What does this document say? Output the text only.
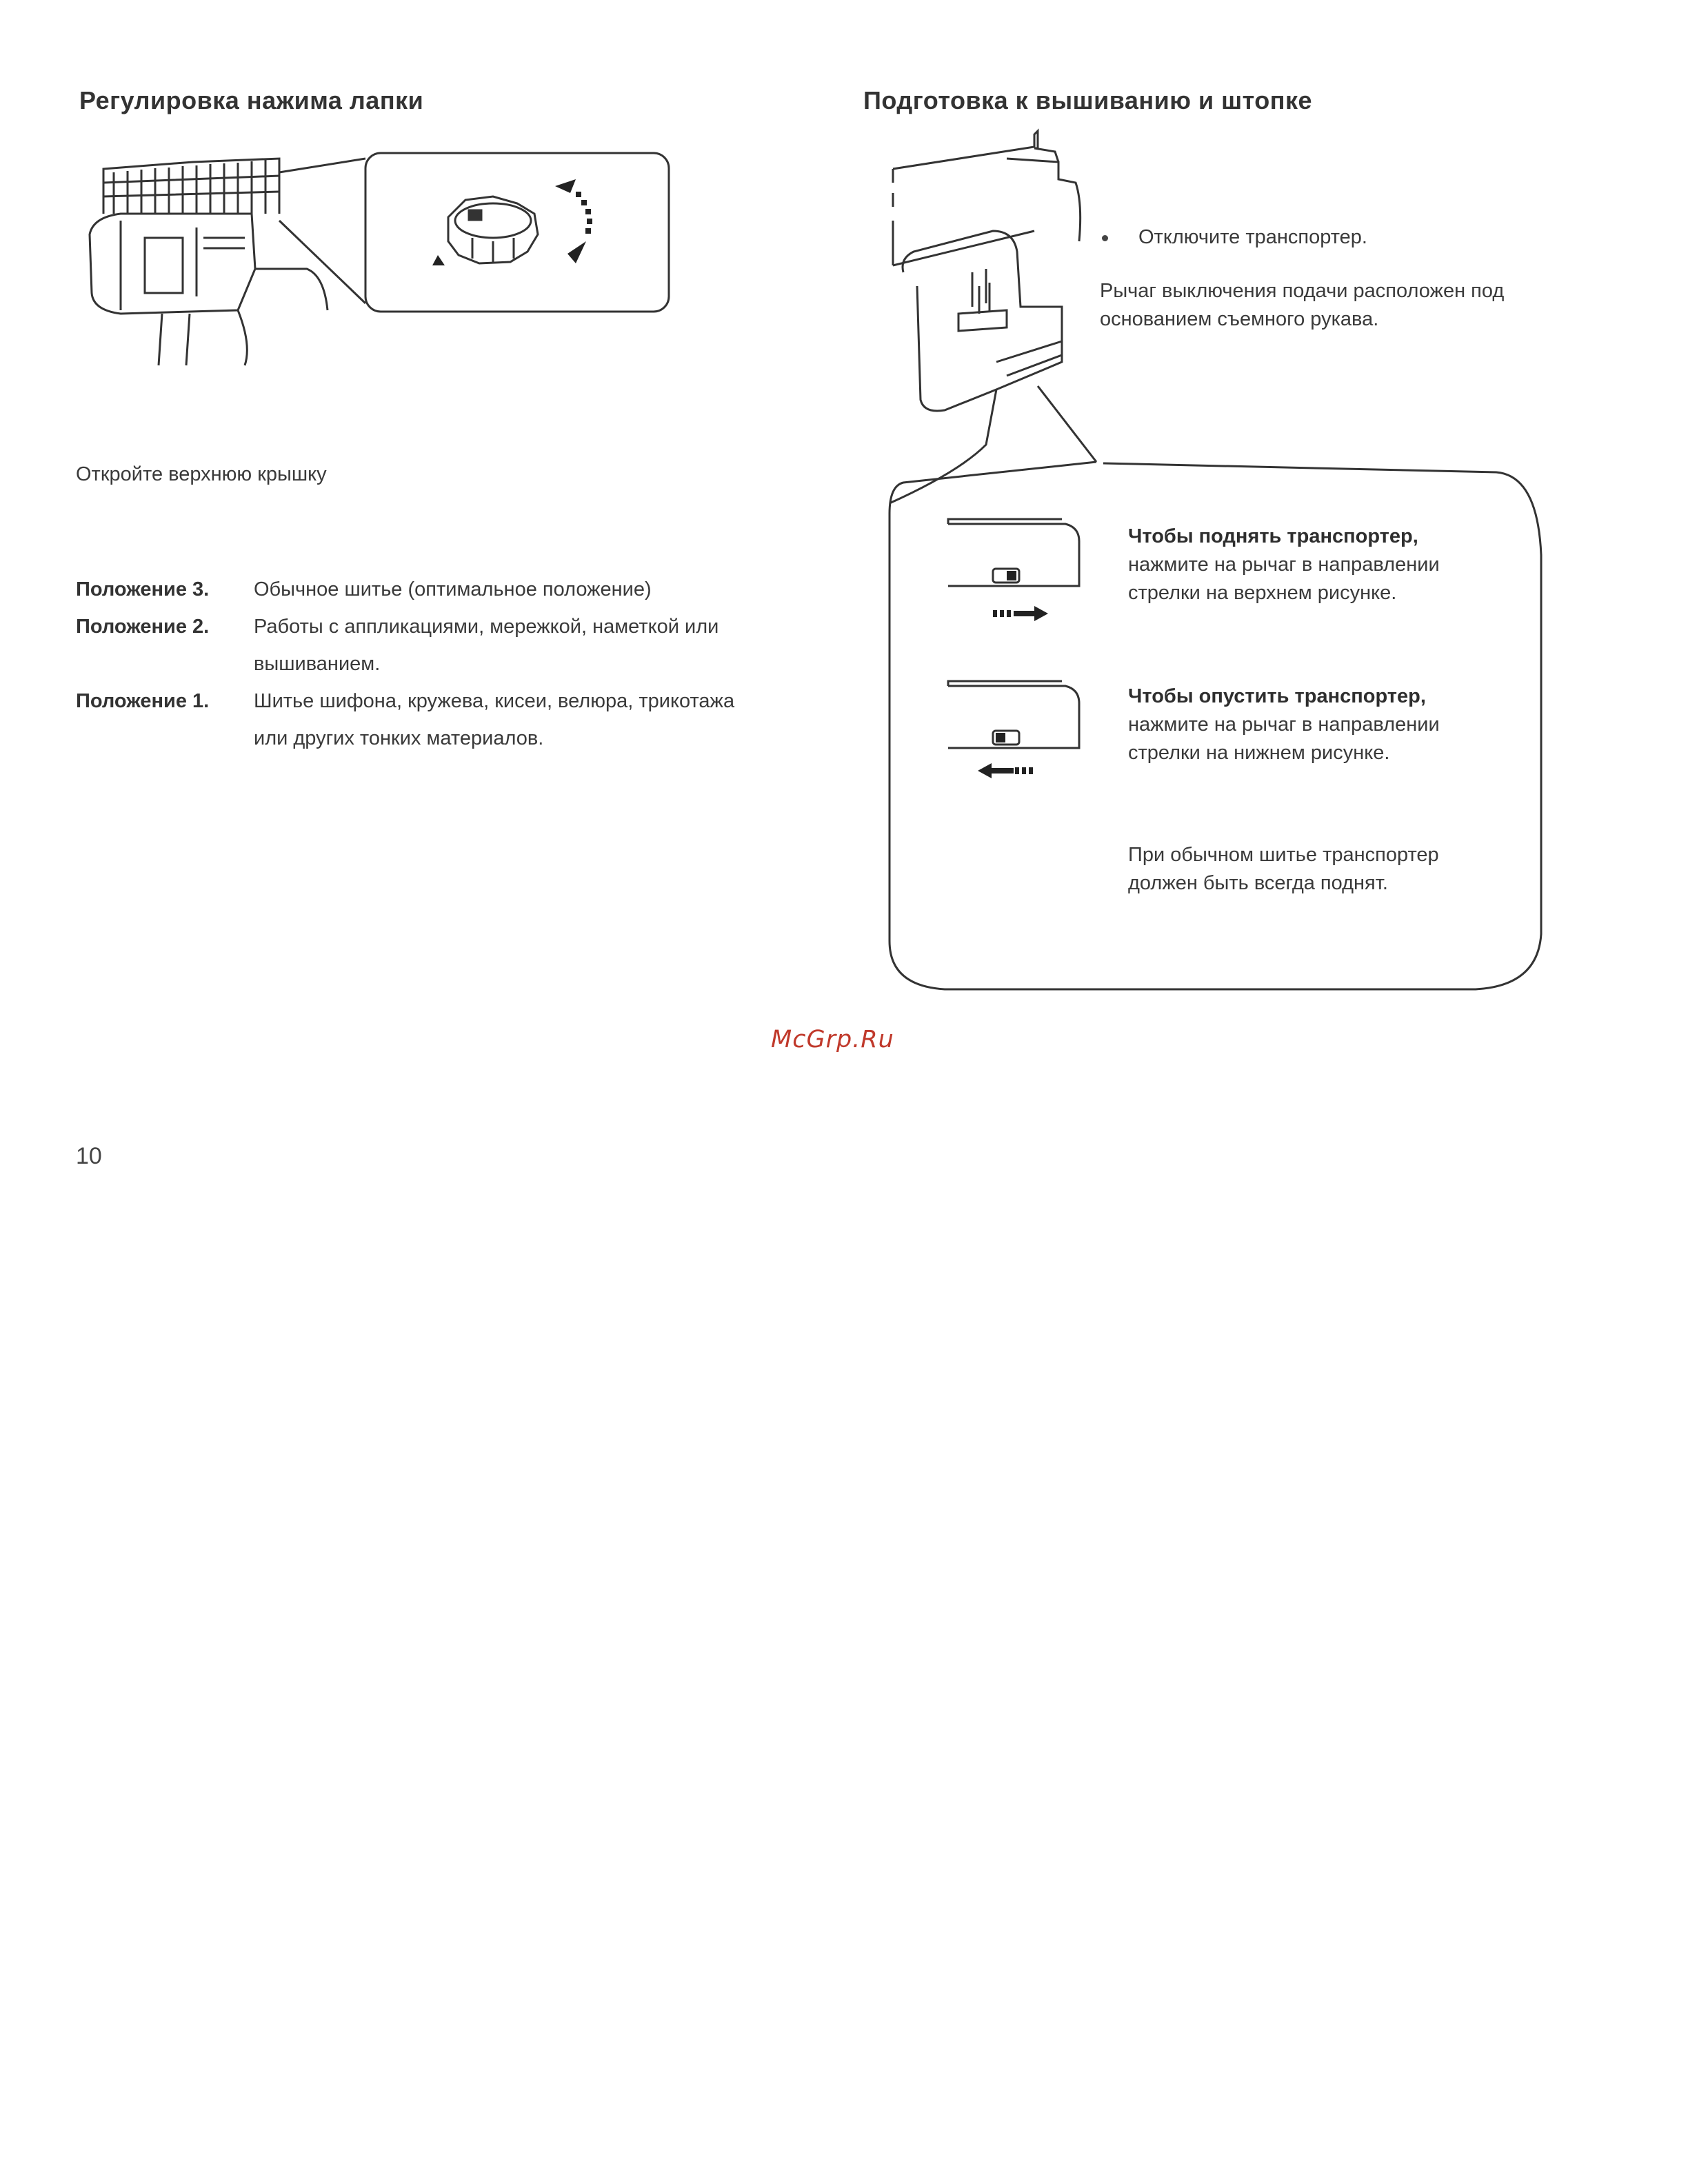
Регулировка нажима лапки
Откройте верхнюю крышку
Положение 3. Обычное шитье (оптимальное положение)
Положение 2. Работы с аппликациями, мережкой, наметкой или вышиванием.
Положение 1. Шитье шифона, кружева, кисеи, велюра, трикотажа или других тонких материалов.
Подготовка к вышиванию и штопке
Отключите транспортер.
Рычаг выключения подачи расположен под основанием съемного рукава.
Чтобы поднять транспортер,
нажмите на рычаг в направлении стрелки на верхнем рисунке.
Чтобы опустить транспортер,
нажмите на рычаг в направлении стрелки на нижнем рисунке.
При обычном шитье транспортер должен быть всегда поднят.
McGrp.Ru
10
